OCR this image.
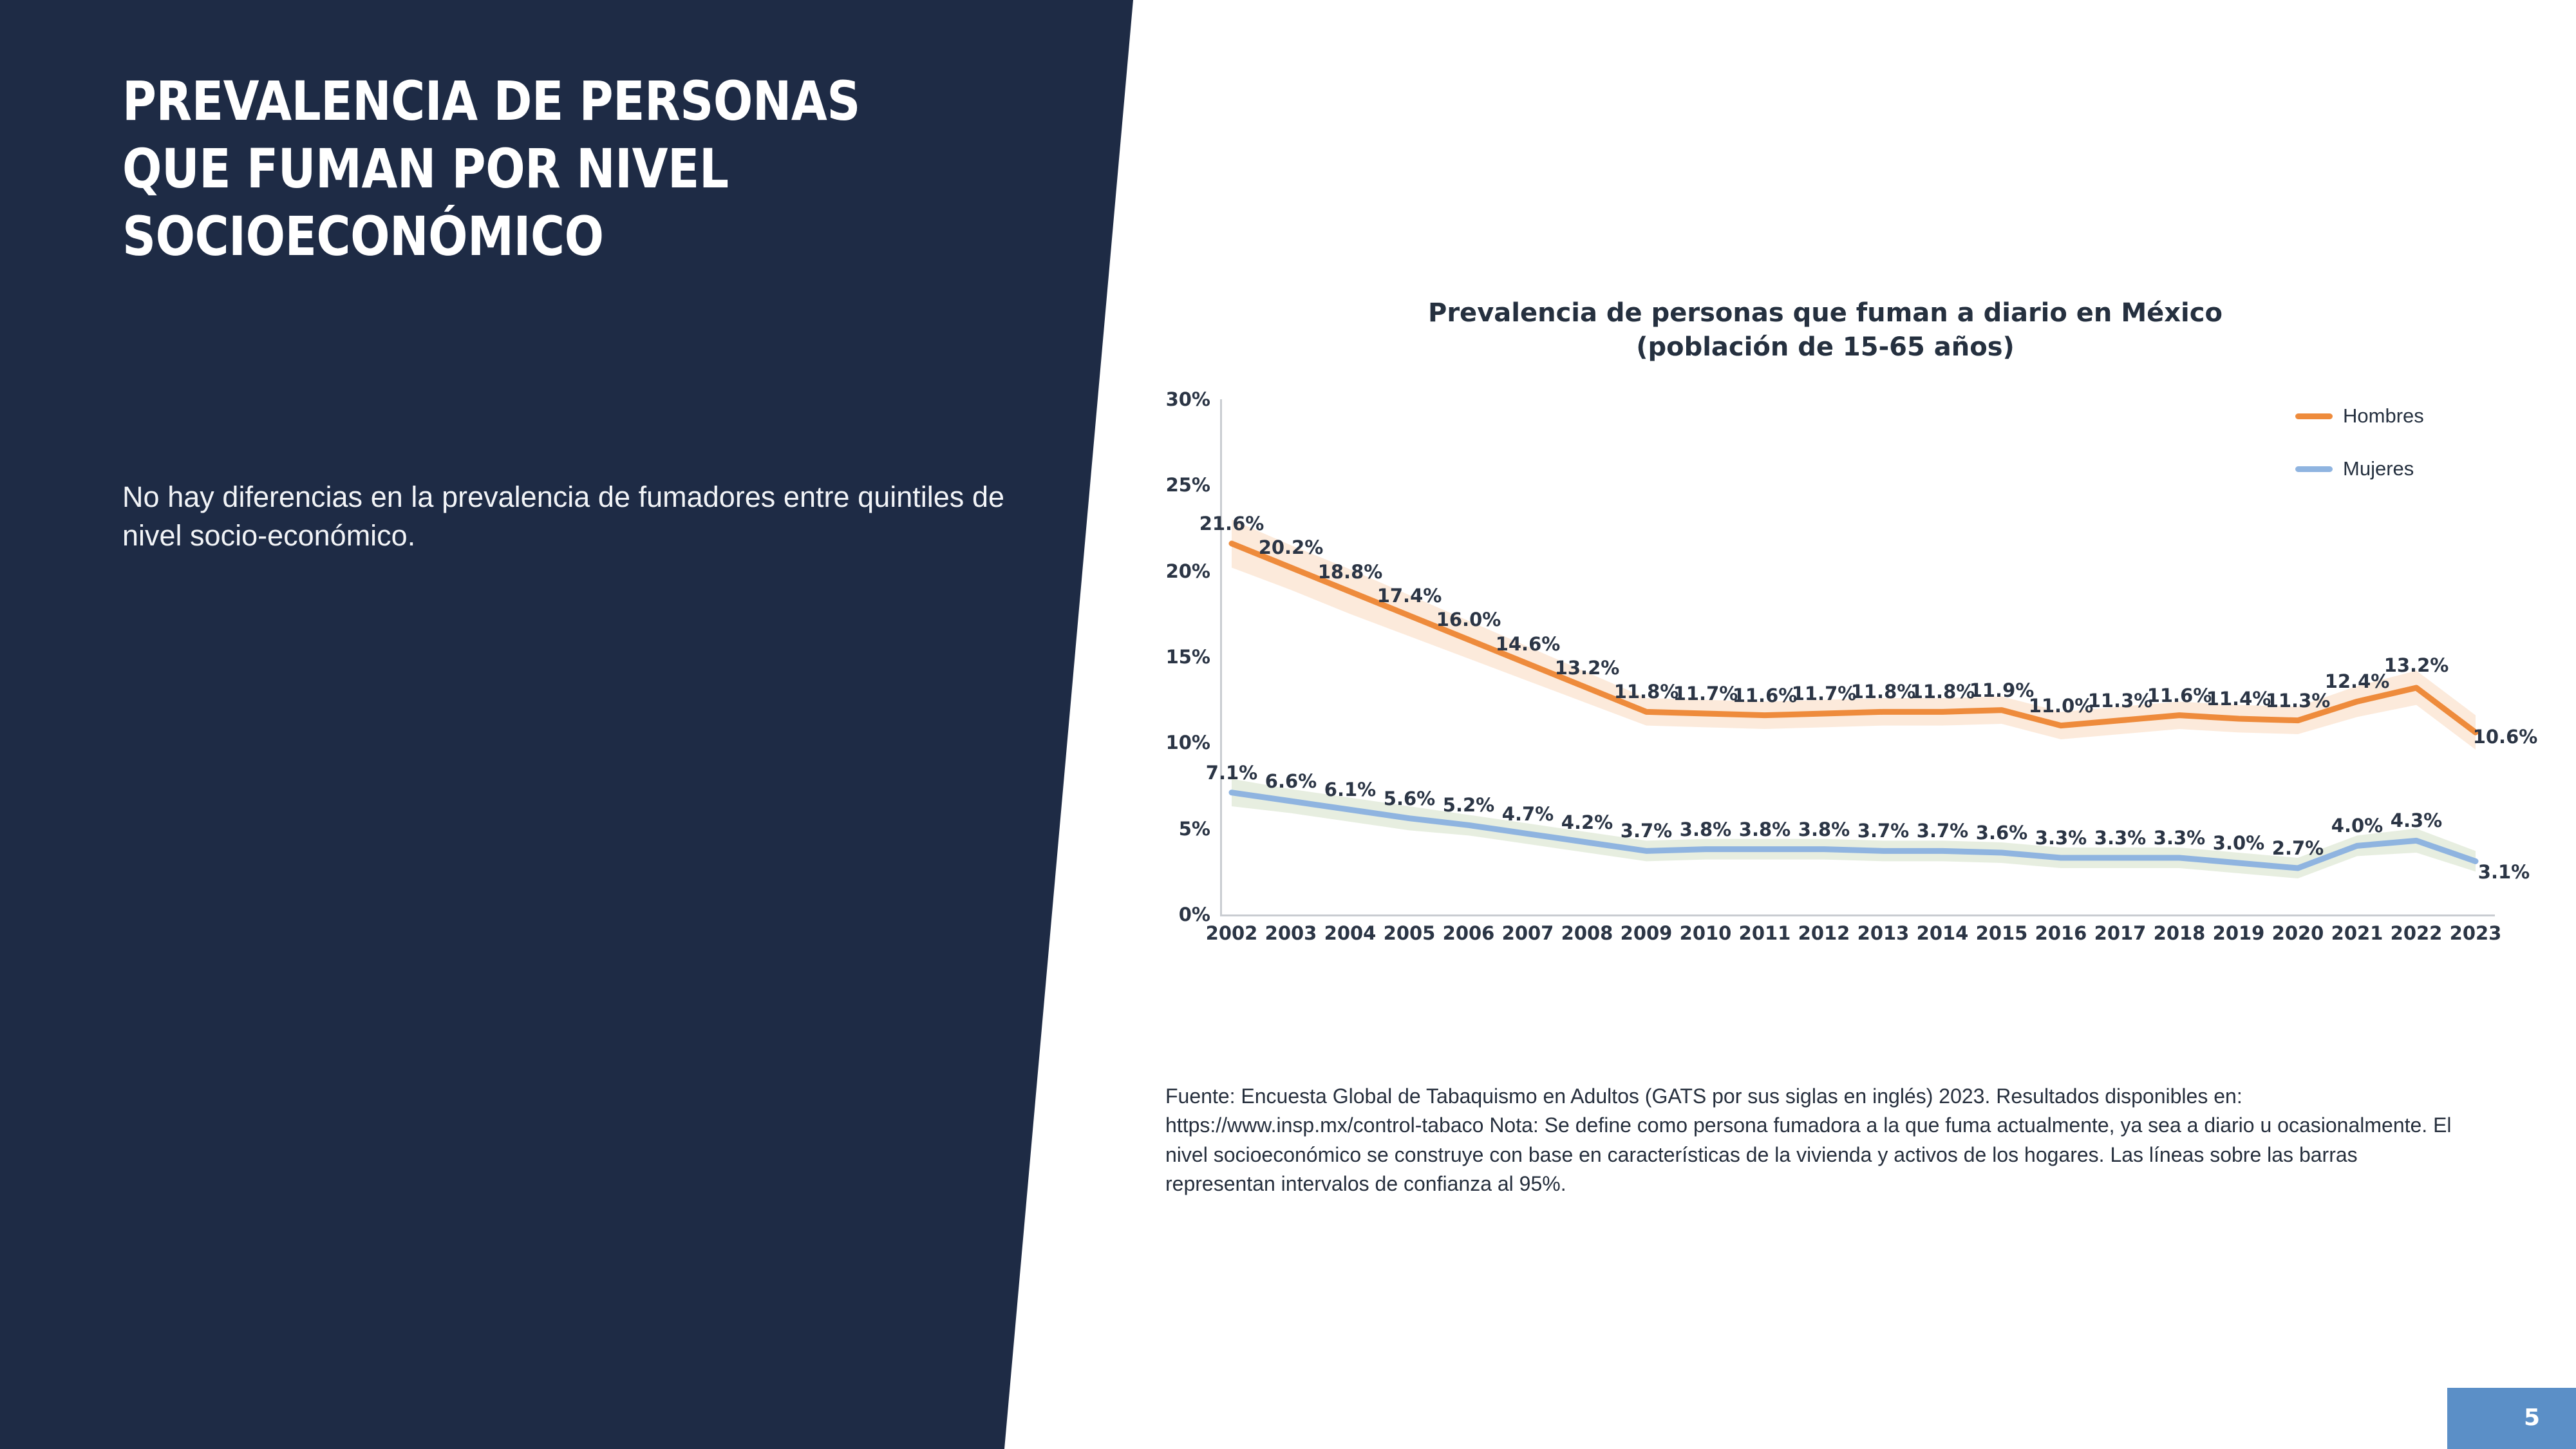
PREVALENCIA DE PERSONAS QUE FUMAN POR NIVEL SOCIOECONÓMICO
No hay diferencias en la prevalencia de fumadores entre quintiles de nivel socio-económico.
Prevalencia de personas que fuman a diario en México
(población de 15-65 años)
Hombres
Mujeres
0%
5%
10%
15%
20%
25%
30%
21.6%
20.2%
18.8%
17.4%
16.0%
14.6%
13.2%
11.8%
11.7%
11.6%
11.7%
11.8%
11.8%
11.9%
11.0%
11.3%
11.6%
11.4%
11.3%
12.4%
13.2%
10.6%
7.1% 6.6% 6.1% 5.6% 5.2% 4.7% 4.2% 3.7% 3.8% 3.8% 3.8% 3.7% 3.7% 3.6% 3.3% 3.3% 3.3% 3.0% 2.7%
4.0% 4.3%
3.1%
2002 2003 2004 2005 2006 2007 2008 2009 2010 2011 2012 2013 2014 2015 2016 2017 2018 2019 2020 2021 2022 2023
Fuente: Encuesta Global de Tabaquismo en Adultos (GATS por sus siglas en inglés) 2023. Resultados disponibles en: https://www.insp.mx/control-tabaco Nota: Se define como persona fumadora a la que fuma actualmente, ya sea a diario u ocasionalmente. El nivel socioeconómico se construye con base en características de la vivienda y activos de los hogares. Las líneas sobre las barras representan intervalos de confianza al 95%.
5
